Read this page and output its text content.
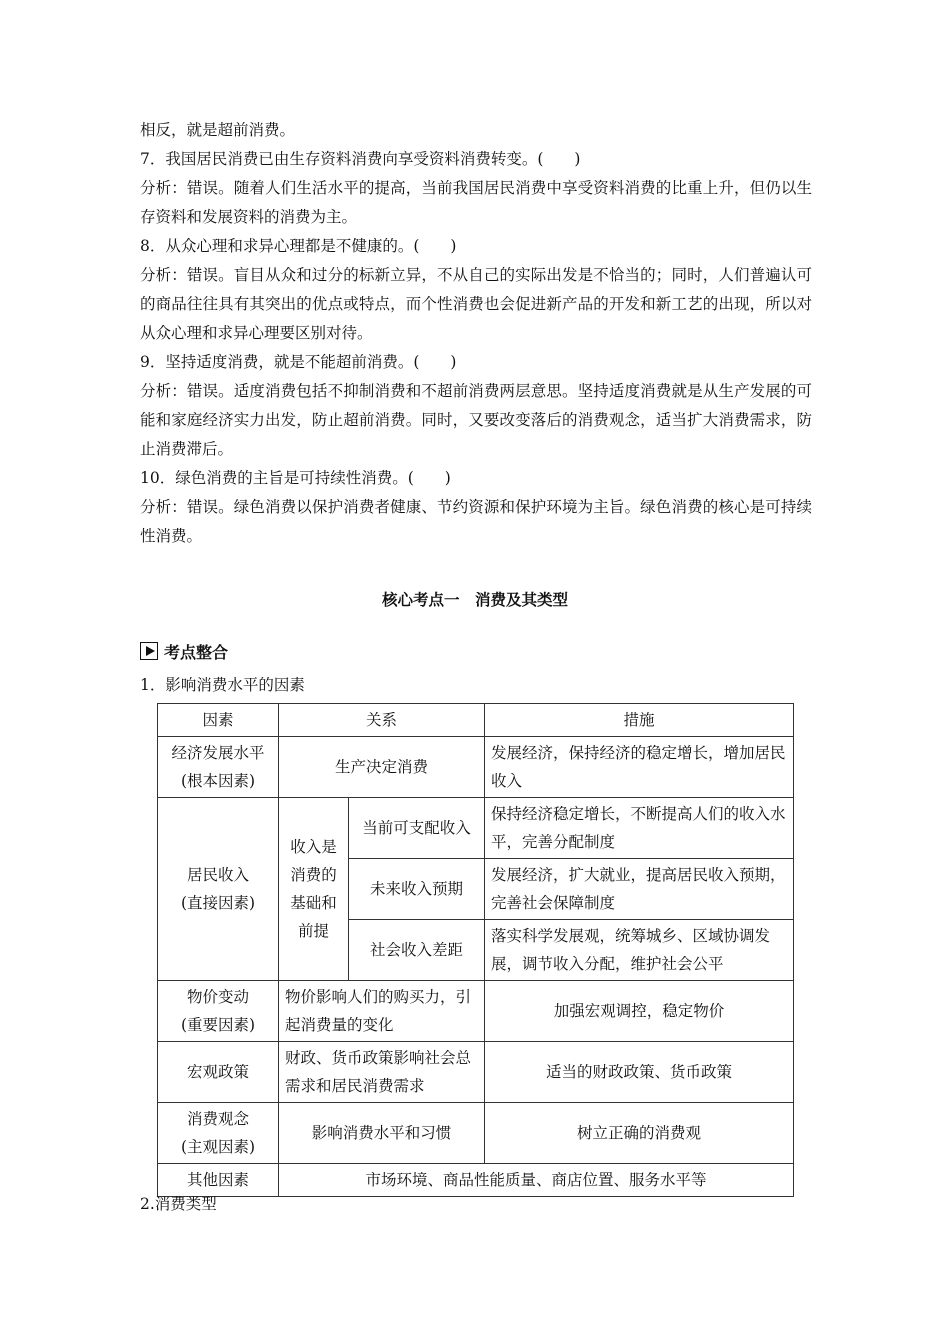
相反，就是超前消费。
7．我国居民消费已由生存资料消费向享受资料消费转变。(　　)
分析：错误。随着人们生活水平的提高，当前我国居民消费中享受资料消费的比重上升，但仍以生存资料和发展资料的消费为主。
8．从众心理和求异心理都是不健康的。(　　)
分析：错误。盲目从众和过分的标新立异，不从自己的实际出发是不恰当的；同时，人们普遍认可的商品往往具有其突出的优点或特点，而个性消费也会促进新产品的开发和新工艺的出现，所以对从众心理和求异心理要区别对待。
9．坚持适度消费，就是不能超前消费。(　　)
分析：错误。适度消费包括不抑制消费和不超前消费两层意思。坚持适度消费就是从生产发展的可能和家庭经济实力出发，防止超前消费。同时，又要改变落后的消费观念，适当扩大消费需求，防止消费滞后。
10．绿色消费的主旨是可持续性消费。(　　)
分析：错误。绿色消费以保护消费者健康、节约资源和保护环境为主旨。绿色消费的核心是可持续性消费。
核心考点一　消费及其类型
考点整合
1．影响消费水平的因素
因素	关系		措施
经济发展水平
(根本因素)	生产决定消费		发展经济，保持经济的稳定增长，增加居民收入
居民收入
(直接因素)	收入是
消费的
基础和
前提	当前可支配收入	保持经济稳定增长，不断提高人们的收入水平，完善分配制度
		未来收入预期	发展经济，扩大就业，提高居民收入预期，完善社会保障制度
		社会收入差距	落实科学发展观，统筹城乡、区域协调发展，调节收入分配，维护社会公平
物价变动
(重要因素)	物价影响人们的购买力，引起消费量的变化		加强宏观调控，稳定物价
宏观政策	财政、货币政策影响社会总需求和居民消费需求		适当的财政政策、货币政策
消费观念
(主观因素)	影响消费水平和习惯		树立正确的消费观
其他因素	市场环境、商品性能质量、商店位置、服务水平等		
2.消费类型
